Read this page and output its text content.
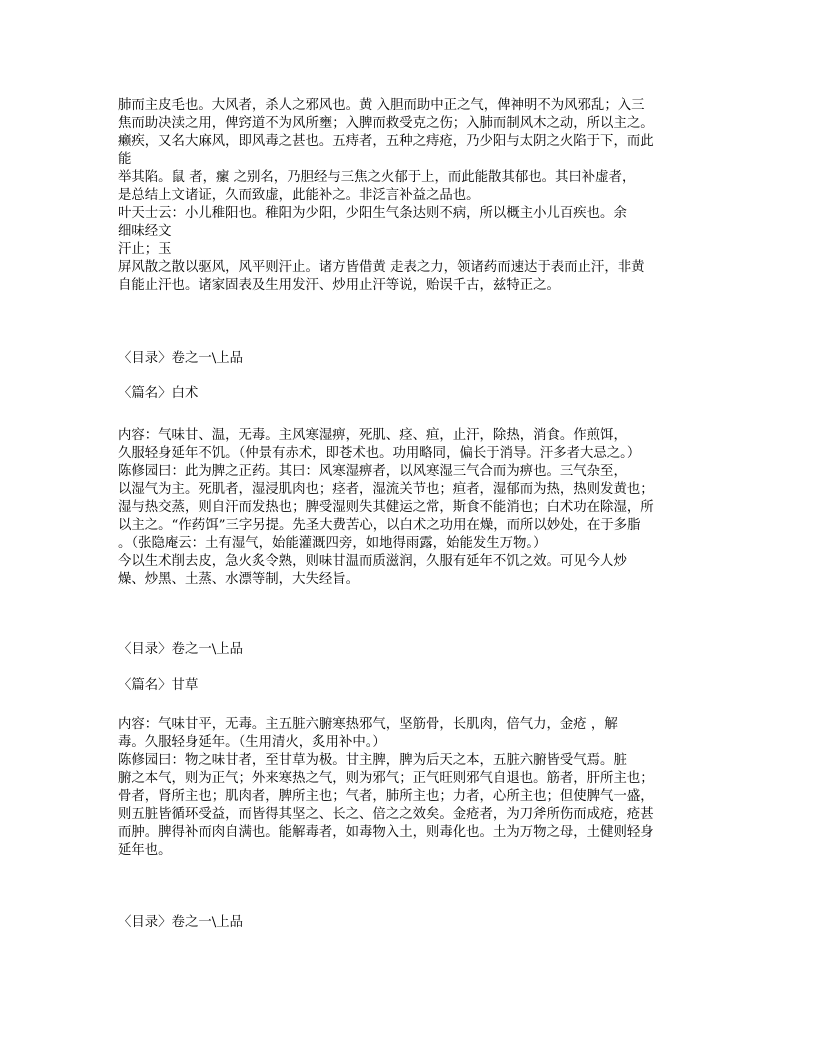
肺而主皮毛也。大风者，杀人之邪风也。黄 入胆而助中正之气，俾神明不为风邪乱；入三
焦而助决渎之用，俾窍道不为风所壅；入脾而救受克之伤；入肺而制风木之动，所以主之。
癞疾，又名大麻风，即风毒之甚也。五痔者，五种之痔疮，乃少阳与太阴之火陷于下，而此
能
举其陷。鼠 者，瘰 之别名，乃胆经与三焦之火郁于上，而此能散其郁也。其曰补虚者，
是总结上文诸证，久而致虚，此能补之。非泛言补益之品也。
叶天士云：小儿稚阳也。稚阳为少阳，少阳生气条达则不病，所以概主小儿百疾也。余
细味经文
汗止；玉
屏风散之散以驱风，风平则汗止。诸方皆借黄 走表之力，领诸药而速达于表而止汗，非黄
自能止汗也。诸家固表及生用发汗、炒用止汗等说，贻误千古，兹特正之。
〈目录〉卷之一\上品
〈篇名〉白术
内容：气味甘、温，无毒。主风寒湿痹，死肌、痉、疸，止汗，除热，消食。作煎饵，
久服轻身延年不饥。（仲景有赤术，即苍术也。功用略同，偏长于消导。汗多者大忌之。）
陈修园曰：此为脾之正药。其曰：风寒湿痹者，以风寒湿三气合而为痹也。三气杂至，
以湿气为主。死肌者，湿浸肌肉也；痉者，湿流关节也；疸者，湿郁而为热，热则发黄也；
湿与热交蒸，则自汗而发热也；脾受湿则失其健运之常，斯食不能消也；白术功在除湿，所
以主之。“作药饵”三字另提。先圣大费苦心，以白术之功用在燥，而所以妙处，在于多脂
。（张隐庵云：土有湿气，始能灌溉四旁，如地得雨露，始能发生万物。）
今以生术削去皮，急火炙令熟，则味甘温而质滋润，久服有延年不饥之效。可见今人炒
燥、炒黑、土蒸、水漂等制，大失经旨。
〈目录〉卷之一\上品
〈篇名〉甘草
内容：气味甘平，无毒。主五脏六腑寒热邪气，坚筋骨，长肌肉，倍气力，金疮 ，解
毒。久服轻身延年。（生用清火，炙用补中。）
陈修园曰：物之味甘者，至甘草为极。甘主脾，脾为后天之本，五脏六腑皆受气焉。脏
腑之本气，则为正气；外来寒热之气，则为邪气；正气旺则邪气自退也。筋者，肝所主也；
骨者，肾所主也；肌肉者，脾所主也；气者，肺所主也；力者，心所主也；但使脾气一盛，
则五脏皆循环受益，而皆得其坚之、长之、倍之之效矣。金疮者，为刀斧所伤而成疮，疮甚
而肿。脾得补而肉自满也。能解毒者，如毒物入土，则毒化也。土为万物之母，土健则轻身
延年也。
〈目录〉卷之一\上品
